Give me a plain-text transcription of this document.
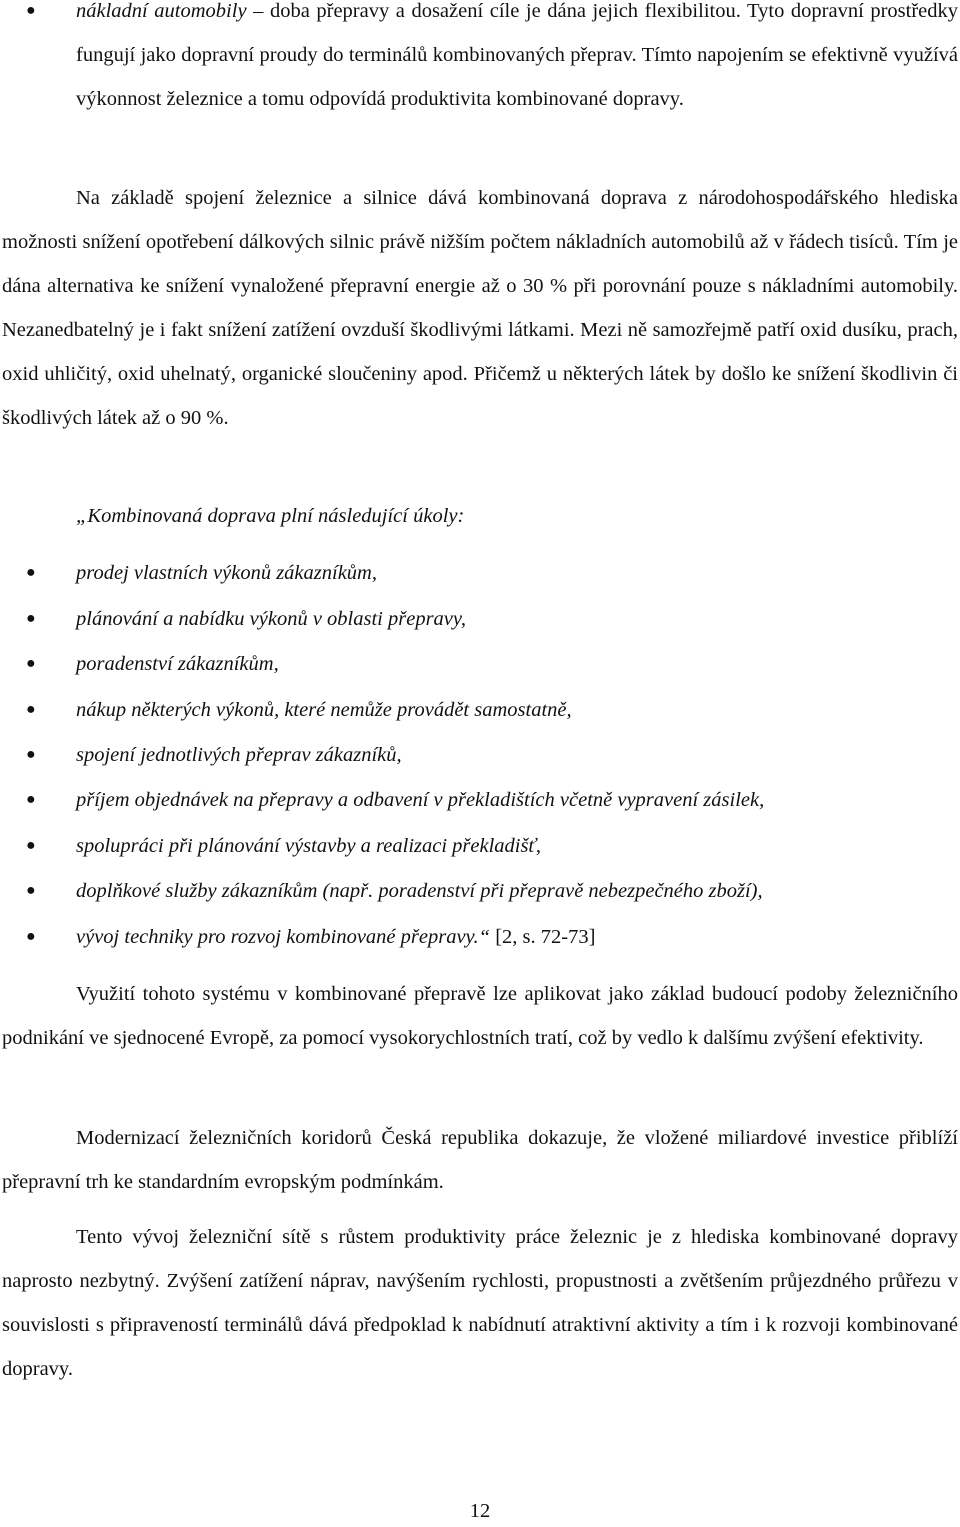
● nákladní automobily – doba přepravy a dosažení cíle je dána jejich flexibilitou. Tyto dopravní prostředky fungují jako dopravní proudy do terminálů kombinovaných přeprav. Tímto napojením se efektivně využívá výkonnost železnice a tomu odpovídá produktivita kombinované dopravy.

Na základě spojení železnice a silnice dává kombinovaná doprava z národohospodářského hlediska možnosti snížení opotřebení dálkových silnic právě nižším počtem nákladních automobilů až v řádech tisíců. Tím je dána alternativa ke snížení vynaložené přepravní energie až o 30 % při porovnání pouze s nákladními automobily. Nezanedbatelný je i fakt snížení zatížení ovzduší škodlivými látkami. Mezi ně samozřejmě patří oxid dusíku, prach, oxid uhličitý, oxid uhelnatý, organické sloučeniny apod. Přičemž u některých látek by došlo ke snížení škodlivin či škodlivých látek až o 90 %.

„Kombinovaná doprava plní následující úkoly:

● prodej vlastních výkonů zákazníkům,
● plánování a nabídku výkonů v oblasti přepravy,
● poradenství zákazníkům,
● nákup některých výkonů, které nemůže provádět samostatně,
● spojení jednotlivých přeprav zákazníků,
● příjem objednávek na přepravy a odbavení v překladištích včetně vypravení zásilek,
● spolupráci při plánování výstavby a realizaci překladišť,
● doplňkové služby zákazníkům (např. poradenství při přepravě nebezpečného zboží),
● vývoj techniky pro rozvoj kombinované přepravy.“ [2, s. 72-73]

Využití tohoto systému v kombinované přepravě lze aplikovat jako základ budoucí podoby železničního podnikání ve sjednocené Evropě, za pomocí vysokorychlostních tratí, což by vedlo k dalšímu zvýšení efektivity.

Modernizací železničních koridorů Česká republika dokazuje, že vložené miliardové investice přiblíží přepravní trh ke standardním evropským podmínkám.

Tento vývoj železniční sítě s růstem produktivity práce železnic je z hlediska kombinované dopravy naprosto nezbytný. Zvýšení zatížení náprav, navýšením rychlosti, propustnosti a zvětšením průjezdného průřezu v souvislosti s připraveností terminálů dává předpoklad k nabídnutí atraktivní aktivity a tím i k rozvoji kombinované dopravy.

12
